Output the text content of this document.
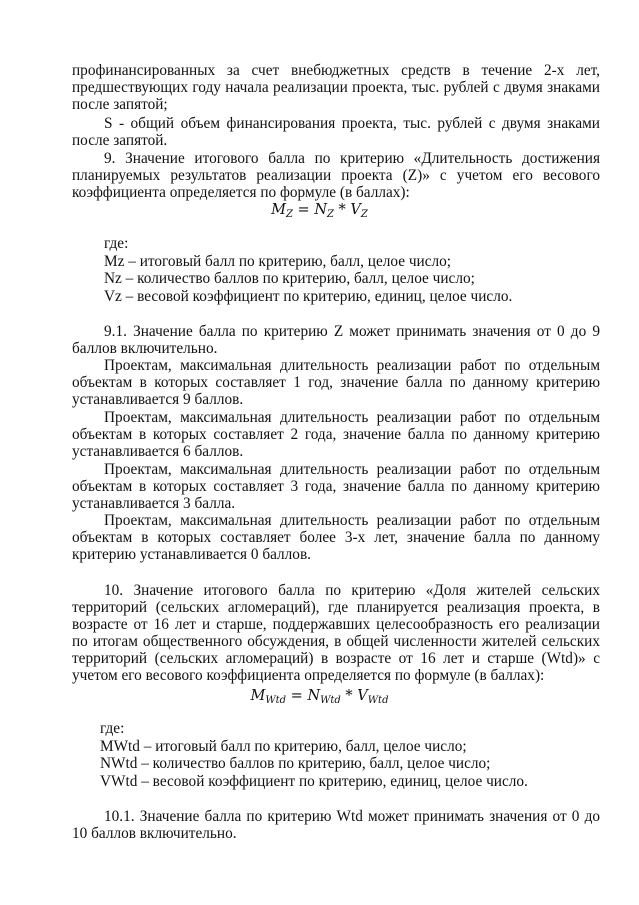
профинансированных за счет внебюджетных средств в течение 2-х лет, предшествующих году начала реализации проекта, тыс. рублей с двумя знаками после запятой;

S - общий объем финансирования проекта, тыс. рублей с двумя знаками после запятой.

9. Значение итогового балла по критерию «Длительность достижения планируемых результатов реализации проекта (Z)» с учетом его весового коэффициента определяется по формуле (в баллах):

$M_Z = N_Z * V_Z$

где:

Mz – итоговый балл по критерию, балл, целое число;

Nz – количество баллов по критерию, балл, целое число;

Vz – весовой коэффициент по критерию, единиц, целое число.

9.1. Значение балла по критерию Z может принимать значения от 0 до 9 баллов включительно.

Проектам, максимальная длительность реализации работ по отдельным объектам в которых составляет 1 год, значение балла по данному критерию устанавливается 9 баллов.

Проектам, максимальная длительность реализации работ по отдельным объектам в которых составляет 2 года, значение балла по данному критерию устанавливается 6 баллов.

Проектам, максимальная длительность реализации работ по отдельным объектам в которых составляет 3 года, значение балла по данному критерию устанавливается 3 балла.

Проектам, максимальная длительность реализации работ по отдельным объектам в которых составляет более 3-х лет, значение балла по данному критерию устанавливается 0 баллов.

10. Значение итогового балла по критерию «Доля жителей сельских территорий (сельских агломераций), где планируется реализация проекта, в возрасте от 16 лет и старше, поддержавших целесообразность его реализации по итогам общественного обсуждения, в общей численности жителей сельских территорий (сельских агломераций) в возрасте от 16 лет и старше (Wtd)» с учетом его весового коэффициента определяется по формуле (в баллах):

$M_{Wtd} = N_{Wtd} * V_{Wtd}$

где:

MWtd – итоговый балл по критерию, балл, целое число;

NWtd – количество баллов по критерию, балл, целое число;

VWtd – весовой коэффициент по критерию, единиц, целое число.

10.1. Значение балла по критерию Wtd может принимать значения от 0 до 10 баллов включительно.
